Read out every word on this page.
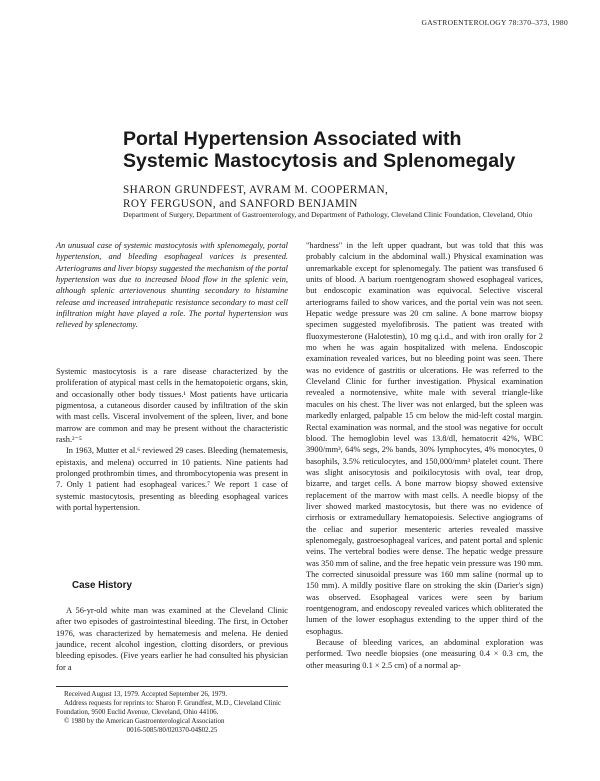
GASTROENTEROLOGY 78:370–373, 1980
Portal Hypertension Associated with
Systemic Mastocytosis and Splenomegaly
SHARON GRUNDFEST, AVRAM M. COOPERMAN,
ROY FERGUSON, and SANFORD BENJAMIN
Department of Surgery, Department of Gastroenterology, and Department of Pathology, Cleveland Clinic Foundation, Cleveland, Ohio

An unusual case of systemic mastocytosis with splenomegaly, portal hypertension, and bleeding esophageal varices is presented. Arteriograms and liver biopsy suggested the mechanism of the portal hypertension was due to increased blood flow in the splenic vein, although splenic arteriovenous shunting secondary to histamine release and increased intrahepatic resistance secondary to mast cell infiltration might have played a role. The portal hypertension was relieved by splenectomy.

Systemic mastocytosis is a rare disease characterized by the proliferation of atypical mast cells in the hematopoietic organs, skin, and occasionally other body tissues.¹ Most patients have urticaria pigmentosa, a cutaneous disorder caused by infiltration of the skin with mast cells. Visceral involvement of the spleen, liver, and bone marrow are common and may be present without the characteristic rash.²⁻⁵

In 1963, Mutter et al.⁶ reviewed 29 cases. Bleeding (hematemesis, epistaxis, and melena) occurred in 10 patients. Nine patients had prolonged prothrombin times, and thrombocytopenia was present in 7. Only 1 patient had esophageal varices.⁷ We report 1 case of systemic mastocytosis, presenting as bleeding esophageal varices with portal hypertension.

Case History

A 56-yr-old white man was examined at the Cleveland Clinic after two episodes of gastrointestinal bleeding. The first, in October 1976, was characterized by hematemesis and melena. He denied jaundice, recent alcohol ingestion, clotting disorders, or previous bleeding episodes. (Five years earlier he had consulted his physician for a

Received August 13, 1979. Accepted September 26, 1979.
Address requests for reprints to: Sharon F. Grundfest, M.D., Cleveland Clinic Foundation, 9500 Euclid Avenue, Cleveland, Ohio 44106.
© 1980 by the American Gastroenterological Association
0016-5085/80/020370-04$02.25

"hardness" in the left upper quadrant, but was told that this was probably calcium in the abdominal wall.) Physical examination was unremarkable except for splenomegaly. The patient was transfused 6 units of blood. A barium roentgenogram showed esophageal varices, but endoscopic examination was equivocal. Selective visceral arteriograms failed to show varices, and the portal vein was not seen. Hepatic wedge pressure was 20 cm saline. A bone marrow biopsy specimen suggested myelofibrosis. The patient was treated with fluoxymesterone (Halotestin), 10 mg q.i.d., and with iron orally for 2 mo when he was again hospitalized with melena. Endoscopic examination revealed varices, but no bleeding point was seen. There was no evidence of gastritis or ulcerations. He was referred to the Cleveland Clinic for further investigation. Physical examination revealed a normotensive, white male with several triangle-like macules on his chest. The liver was not enlarged, but the spleen was markedly enlarged, palpable 15 cm below the mid-left costal margin. Rectal examination was normal, and the stool was negative for occult blood. The hemoglobin level was 13.8/dl, hematocrit 42%, WBC 3900/mm³, 64% segs, 2% bands, 30% lymphocytes, 4% monocytes, 0 basophils, 3.5% reticulocytes, and 150,000/mm³ platelet count. There was slight anisocytosis and poikilocytosis with oval, tear drop, bizarre, and target cells. A bone marrow biopsy showed extensive replacement of the marrow with mast cells. A needle biopsy of the liver showed marked mastocytosis, but there was no evidence of cirrhosis or extramedullary hematopoiesis. Selective angiograms of the celiac and superior mesenteric arteries revealed massive splenomegaly, gastroesophageal varices, and patent portal and splenic veins. The vertebral bodies were dense. The hepatic wedge pressure was 350 mm of saline, and the free hepatic vein pressure was 190 mm. The corrected sinusoidal pressure was 160 mm saline (normal up to 150 mm). A mildly positive flare on stroking the skin (Darier's sign) was observed. Esophageal varices were seen by barium roentgenogram, and endoscopy revealed varices which obliterated the lumen of the lower esophagus extending to the upper third of the esophagus.

Because of bleeding varices, an abdominal exploration was performed. Two needle biopsies (one measuring 0.4 × 0.3 cm, the other measuring 0.1 × 2.5 cm) of a normal ap-
